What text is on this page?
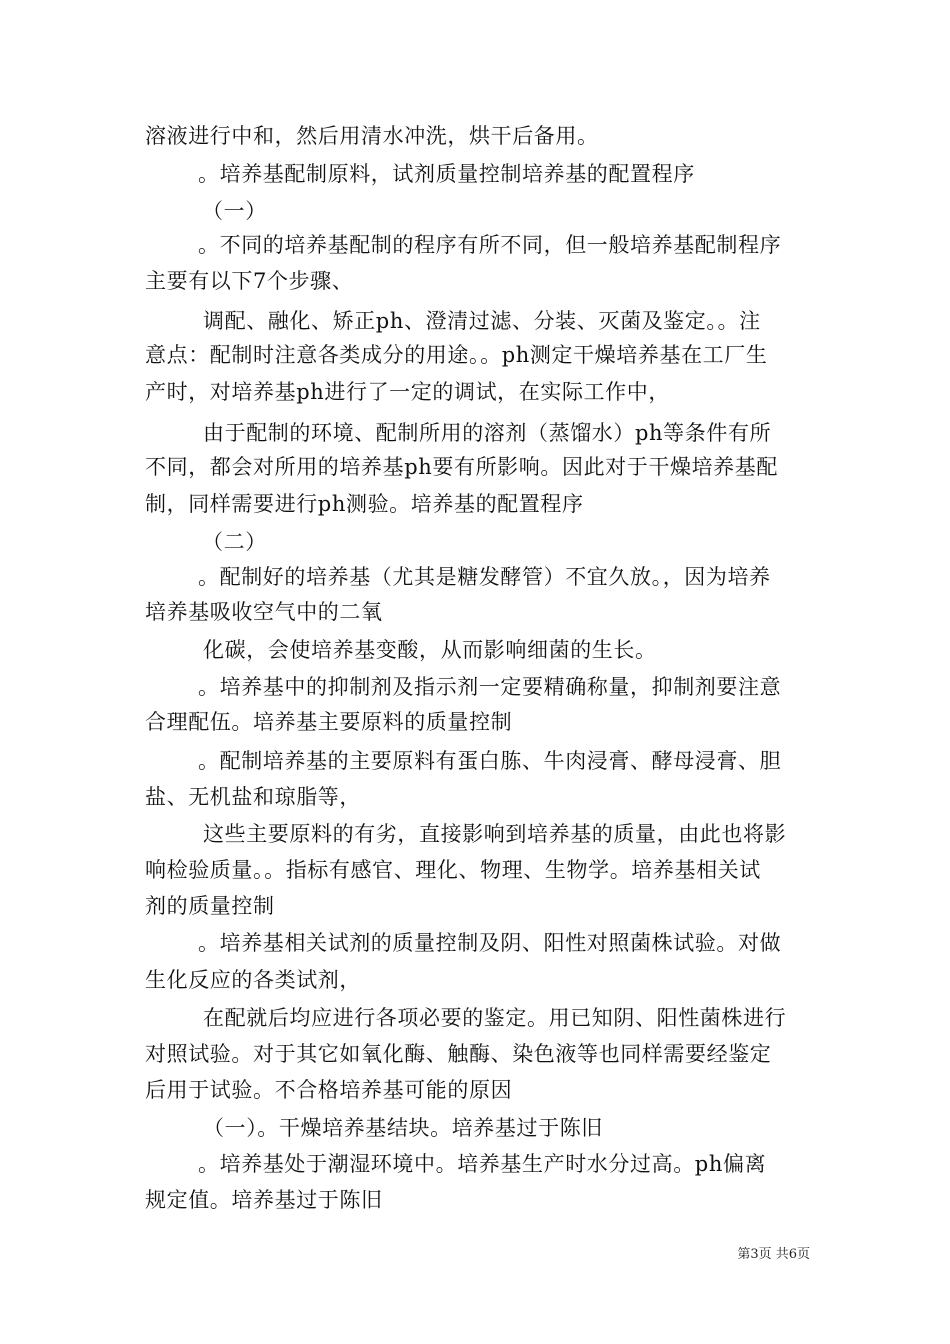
溶液进行中和，然后用清水冲洗，烘干后备用。
。培养基配制原料，试剂质量控制培养基的配置程序
（一）
。不同的培养基配制的程序有所不同，但一般培养基配制程序
主要有以下7个步骤、
调配、融化、矫正ph、澄清过滤、分装、灭菌及鉴定。。注
意点：配制时注意各类成分的用途。。ph测定干燥培养基在工厂生
产时，对培养基ph进行了一定的调试，在实际工作中，
由于配制的环境、配制所用的溶剂（蒸馏水）ph等条件有所
不同，都会对所用的培养基ph要有所影响。因此对于干燥培养基配
制，同样需要进行ph测验。培养基的配置程序
（二）
。配制好的培养基（尤其是糖发酵管）不宜久放。，因为培养
培养基吸收空气中的二氧
化碳，会使培养基变酸，从而影响细菌的生长。
。培养基中的抑制剂及指示剂一定要精确称量，抑制剂要注意
合理配伍。培养基主要原料的质量控制
。配制培养基的主要原料有蛋白胨、牛肉浸膏、酵母浸膏、胆
盐、无机盐和琼脂等，
这些主要原料的有劣，直接影响到培养基的质量，由此也将影
响检验质量。。指标有感官、理化、物理、生物学。培养基相关试
剂的质量控制
。培养基相关试剂的质量控制及阴、阳性对照菌株试验。对做
生化反应的各类试剂，
在配就后均应进行各项必要的鉴定。用已知阴、阳性菌株进行
对照试验。对于其它如氧化酶、触酶、染色液等也同样需要经鉴定
后用于试验。不合格培养基可能的原因
（一）。干燥培养基结块。培养基过于陈旧
。培养基处于潮湿环境中。培养基生产时水分过高。ph偏离
规定值。培养基过于陈旧
第3页 共6页
